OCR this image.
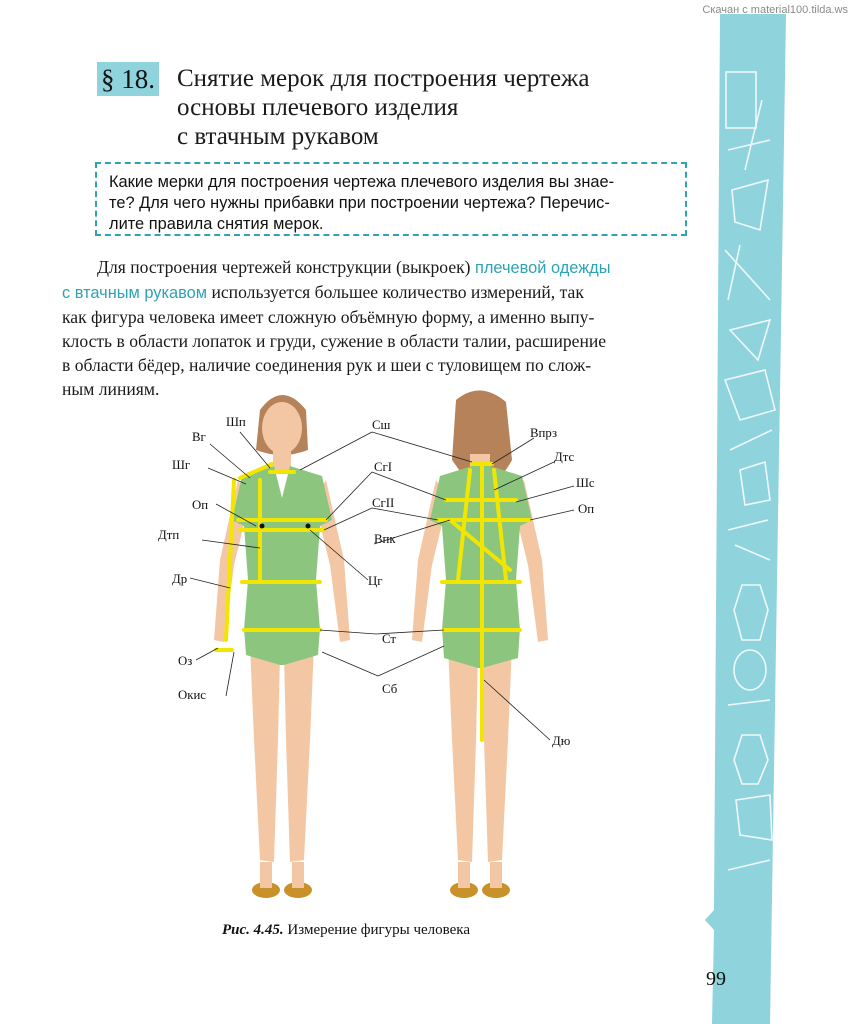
Скачан с material100.tilda.ws
§ 18. Снятие мерок для построения чертежа
основы плечевого изделия
с втачным рукавом
Какие мерки для построения чертежа плечевого изделия вы знае-
те? Для чего нужны прибавки при построении чертежа? Перечис-
лите правила снятия мерок.
Для построения чертежей конструкции (выкроек) плечевой одежды
с втачным рукавом используется большее количество измерений, так
как фигура человека имеет сложную объёмную форму, а именно выпу-
клость в области лопаток и груди, сужение в области талии, расширение
в области бёдер, наличие соединения рук и шеи с туловищем по слож-
ным линиям.
Шп
Вг
Шг
Оп
Дтп
Др
Оз
Окис
Сш
СгI
СгII
Впк
Цг
Ст
Сб
Впрз
Дтс
Шс
Оп
Дю
Рис. 4.45. Измерение фигуры человека
99
